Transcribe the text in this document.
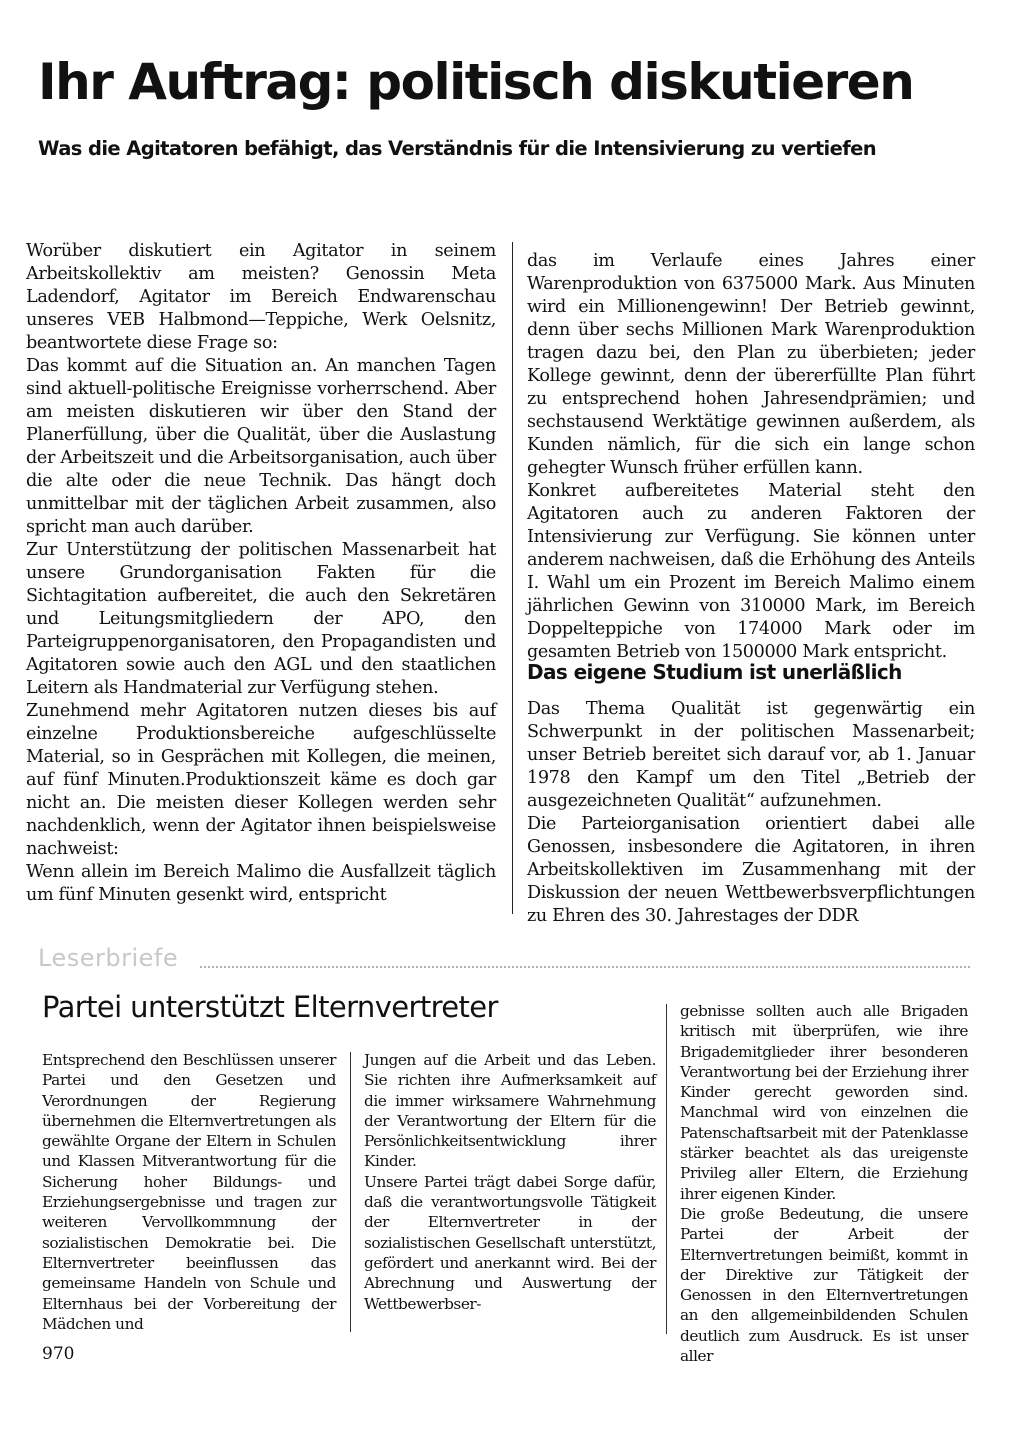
Ihr Auftrag: politisch diskutieren
Was die Agitatoren befähigt, das Verständnis für die Intensivierung zu vertiefen

Worüber diskutiert ein Agitator in seinem Arbeitskollektiv am meisten? Genossin Meta Ladendorf, Agitator im Bereich Endwarenschau unseres VEB Halbmond—Teppiche, Werk Oelsnitz, beantwortete diese Frage so:

Das kommt auf die Situation an. An manchen Tagen sind aktuell-politische Ereignisse vorherrschend. Aber am meisten diskutieren wir über den Stand der Planerfüllung, über die Qualität, über die Auslastung der Arbeitszeit und die Arbeitsorganisation, auch über die alte oder die neue Technik. Das hängt doch unmittelbar mit der täglichen Arbeit zusammen, also spricht man auch darüber.

Zur Unterstützung der politischen Massenarbeit hat unsere Grundorganisation Fakten für die Sichtagitation aufbereitet, die auch den Sekretären und Leitungsmitgliedern der APO, den Parteigruppenorganisatoren, den Propagandisten und Agitatoren sowie auch den AGL und den staatlichen Leitern als Handmaterial zur Verfügung stehen.

Zunehmend mehr Agitatoren nutzen dieses bis auf einzelne Produktionsbereiche aufgeschlüsselte Material, so in Gesprächen mit Kollegen, die meinen, auf fünf Minuten.Produktionszeit käme es doch gar nicht an. Die meisten dieser Kollegen werden sehr nachdenklich, wenn der Agitator ihnen beispielsweise nachweist:

Wenn allein im Bereich Malimo die Ausfallzeit täglich um fünf Minuten gesenkt wird, entspricht

das im Verlaufe eines Jahres einer Warenproduktion von 6375000 Mark. Aus Minuten wird ein Millionengewinn! Der Betrieb gewinnt, denn über sechs Millionen Mark Warenproduktion tragen dazu bei, den Plan zu überbieten; jeder Kollege gewinnt, denn der übererfüllte Plan führt zu entsprechend hohen Jahresendprämien; und sechstausend Werktätige gewinnen außerdem, als Kunden nämlich, für die sich ein lange schon gehegter Wunsch früher erfüllen kann.

Konkret aufbereitetes Material steht den Agitatoren auch zu anderen Faktoren der Intensivierung zur Verfügung. Sie können unter anderem nachweisen, daß die Erhöhung des Anteils I. Wahl um ein Prozent im Bereich Malimo einem jährlichen Gewinn von 310000 Mark, im Bereich Doppelteppiche von 174000 Mark oder im gesamten Betrieb von 1500000 Mark entspricht.

Das eigene Studium ist unerläßlich

Das Thema Qualität ist gegenwärtig ein Schwerpunkt in der politischen Massenarbeit; unser Betrieb bereitet sich darauf vor, ab 1. Januar 1978 den Kampf um den Titel „Betrieb der ausgezeichneten Qualität“ aufzunehmen.

Die Parteiorganisation orientiert dabei alle Genossen, insbesondere die Agitatoren, in ihren Arbeitskollektiven im Zusammenhang mit der Diskussion der neuen Wettbewerbsverpflichtungen zu Ehren des 30. Jahrestages der DDR

Leserbriefe
Partei unterstützt Elternvertreter

Entsprechend den Beschlüssen unserer Partei und den Gesetzen und Verordnungen der Regierung übernehmen die Elternvertretungen als gewählte Organe der Eltern in Schulen und Klassen Mitverantwortung für die Sicherung hoher Bildungs- und Erziehungsergebnisse und tragen zur weiteren Vervollkommnung der sozialistischen Demokratie bei. Die Elternvertreter beeinflussen das gemeinsame Handeln von Schule und Elternhaus bei der Vorbereitung der Mädchen und

Jungen auf die Arbeit und das Leben. Sie richten ihre Aufmerksamkeit auf die immer wirksamere Wahrnehmung der Verantwortung der Eltern für die Persönlichkeitsentwicklung ihrer Kinder.

Unsere Partei trägt dabei Sorge dafür, daß die verantwortungsvolle Tätigkeit der Elternvertreter in der sozialistischen Gesellschaft unterstützt, gefördert und anerkannt wird. Bei der Abrechnung und Auswertung der Wettbewerbser-

gebnisse sollten auch alle Brigaden kritisch mit überprüfen, wie ihre Brigademitglieder ihrer besonderen Verantwortung bei der Erziehung ihrer Kinder gerecht geworden sind. Manchmal wird von einzelnen die Patenschaftsarbeit mit der Patenklasse stärker beachtet als das ureigenste Privileg aller Eltern, die Erziehung ihrer eigenen Kinder.

Die große Bedeutung, die unsere Partei der Arbeit der Elternvertretungen beimißt, kommt in der Direktive zur Tätigkeit der Genossen in den Elternvertretungen an den allgemeinbildenden Schulen deutlich zum Ausdruck. Es ist unser aller

970
